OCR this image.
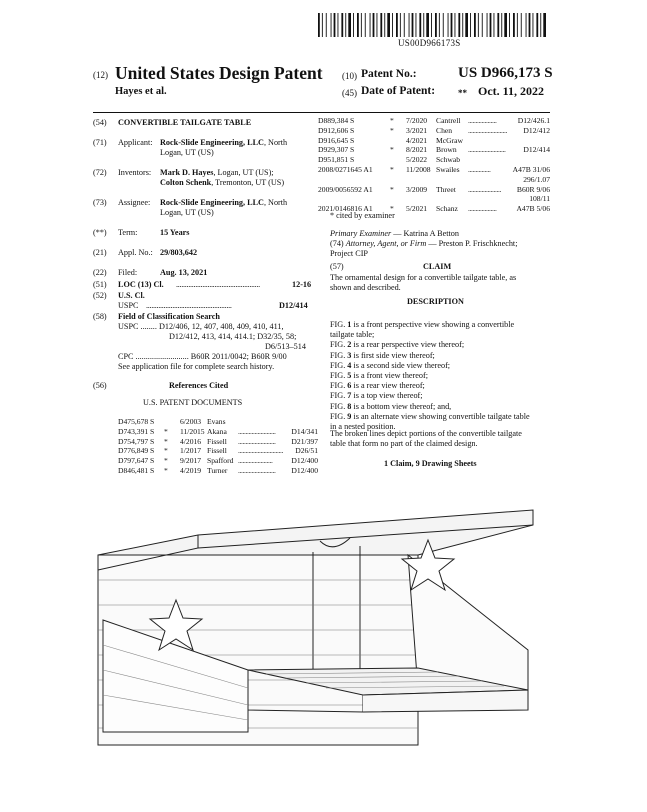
US00D966173S
(12) United States Design Patent
Hayes et al.
(10) Patent No.:	US D966,173 S
(45) Date of Patent:	** Oct. 11, 2022
(54) CONVERTIBLE TAILGATE TABLE
(71) Applicant: Rock-Slide Engineering, LLC, North
Logan, UT (US)
(72) Inventors: Mark D. Hayes, Logan, UT (US);
Colton Schenk, Tremonton, UT (US)
(73) Assignee: Rock-Slide Engineering, LLC, North
Logan, UT (US)
(**) Term:	15 Years
(21) Appl. No.: 29/803,642
(22) Filed:	Aug. 13, 2021
(51) LOC (13) Cl. ................................................	12-16
(52) U.S. Cl.
USPC .................................................	D12/414
(58) Field of Classification Search
USPC ........ D12/406, 12, 407, 408, 409, 410, 411,
D12/412, 413, 414, 414.1; D32/35, 58;
D6/513–514
CPC .......................... B60R 2011/0042; B60R 9/00
See application file for complete search history.
(56)	References Cited
U.S. PATENT DOCUMENTS
D475,678 S	6/2003 Evans
D743,391 S * 11/2015 Akana ......................... D14/341
D754,797 S * 4/2016 Fissell ......................... D21/397
D776,849 S * 1/2017 Fissell .............................. D26/51
D797,647 S * 9/2017 Spafford ....................... D12/400
D846,481 S * 4/2019 Turner ......................... D12/400
D889,384 S	* 7/2020 Cantrell ...................	D12/426.1
D912,606 S	* 3/2021 Chen .......................... D12/412
D916,645 S	4/2021 McGraw
D929,307 S	* 8/2021 Brown ......................... D12/414
D951,851 S	5/2022 Schwab
2008/0271645 A1 * 11/2008 Swailes ...............	A47B 31/06
296/1.07
2009/0056592 A1 * 3/2009 Threet ...................... B60R 9/06
108/11
2021/0146816 A1 * 5/2021 Schanz ...................	A47B 5/06
* cited by examiner
Primary Examiner — Katrina A Betton
(74) Attorney, Agent, or Firm — Preston P. Frischknecht;
Project CIP
(57)	CLAIM
The ornamental design for a convertible tailgate table, as
shown and described.
DESCRIPTION
FIG. 1 is a front perspective view showing a convertible
tailgate table;
FIG. 2 is a rear perspective view thereof;
FIG. 3 is first side view thereof;
FIG. 4 is a second side view thereof;
FIG. 5 is a front view thereof;
FIG. 6 is a rear view thereof;
FIG. 7 is a top view thereof;
FIG. 8 is a bottom view thereof; and,
FIG. 9 is an alternate view showing convertible tailgate table
in a nested position.
The broken lines depict portions of the convertible tailgate
table that form no part of the claimed design.
1 Claim, 9 Drawing Sheets
